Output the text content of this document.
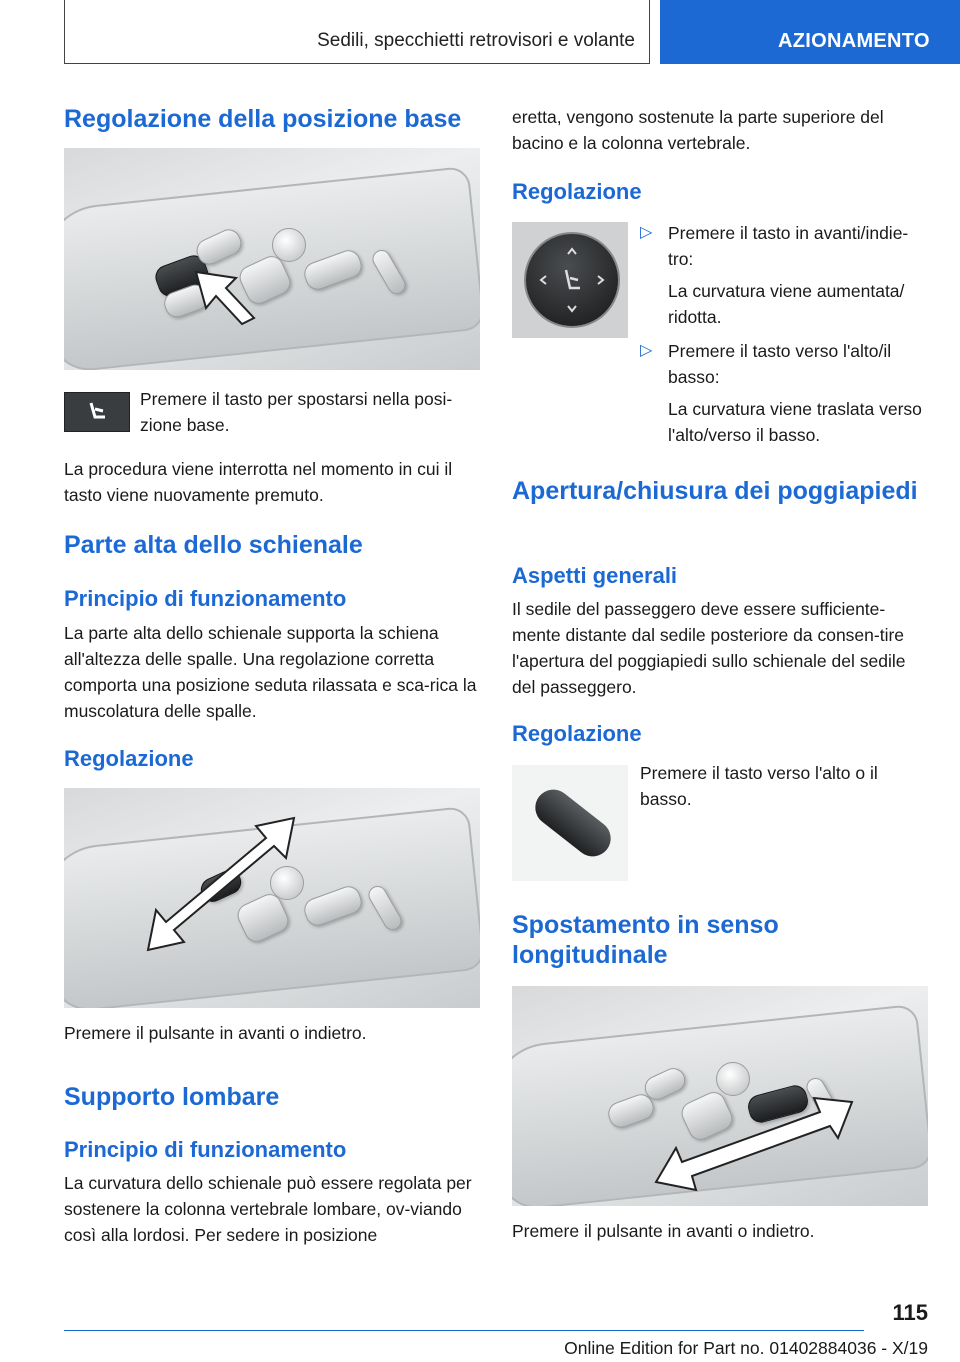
Sedili, specchietti retrovisori e volante	AZIONAMENTO
Regolazione della posizione base

Premere il tasto per spostarsi nella posi-zione base.

La procedura viene interrotta nel momento in cui il tasto viene nuovamente premuto.

Parte alta dello schienale
Principio di funzionamento

La parte alta dello schienale supporta la schiena all'altezza delle spalle. Una regolazione corretta comporta una posizione seduta rilassata e sca-rica la muscolatura delle spalle.

Regolazione

Premere il pulsante in avanti o indietro.

Supporto lombare
Principio di funzionamento

La curvatura dello schienale può essere regolata per sostenere la colonna vertebrale lombare, ov-viando così alla lordosi. Per sedere in posizione

eretta, vengono sostenute la parte superiore del bacino e la colonna vertebrale.

Regolazione
▷ Premere il tasto in avanti/indie-tro:

La curvatura viene aumentata/ ridotta.

▷ Premere il tasto verso l'alto/il basso:

La curvatura viene traslata verso l'alto/verso il basso.

Apertura/chiusura dei poggiapiedi
Aspetti generali

Il sedile del passeggero deve essere sufficiente-mente distante dal sedile posteriore da consen-tire l'apertura del poggiapiedi sullo schienale del sedile del passeggero.

Regolazione

Premere il tasto verso l'alto o il basso.

Spostamento in senso longitudinale

Premere il pulsante in avanti o indietro.

115
Online Edition for Part no. 01402884036 - X/19
